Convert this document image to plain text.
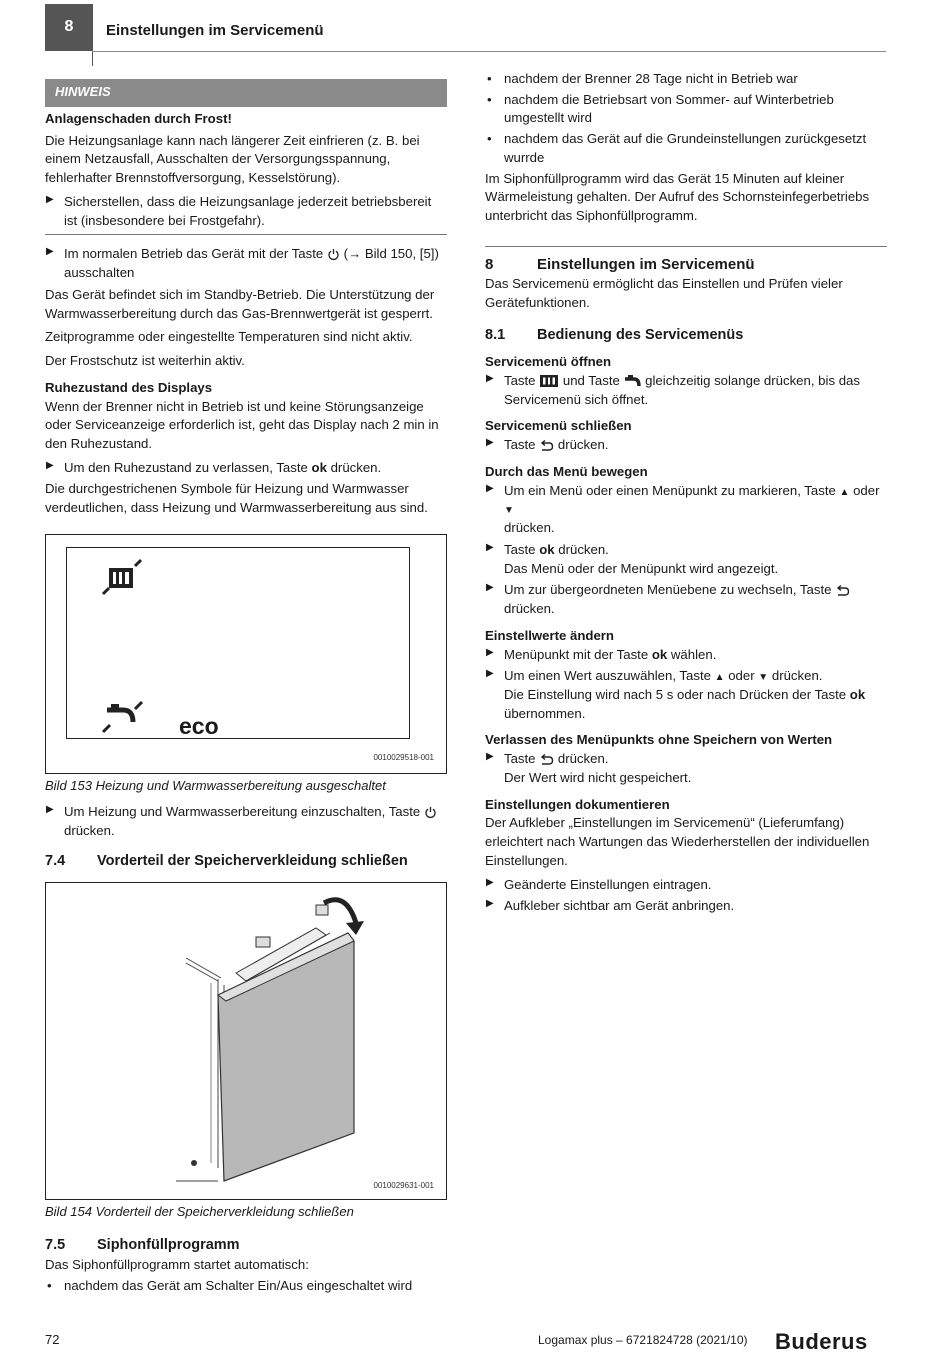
8 Einstellungen im Servicemenü
HINWEIS

Anlagenschaden durch Frost!

Die Heizungsanlage kann nach längerer Zeit einfrieren (z. B. bei einem Netzausfall, Ausschalten der Versorgungsspannung, fehlerhafter Brennstoffversorgung, Kesselstörung).

▶ Sicherstellen, dass die Heizungsanlage jederzeit betriebsbereit ist (insbesondere bei Frostgefahr).
▶ Im normalen Betrieb das Gerät mit der Taste (→ Bild 150, [5])
ausschalten

Das Gerät befindet sich im Standby-Betrieb. Die Unterstützung der Warmwasserbereitung durch das Gas-Brennwertgerät ist gesperrt.

Zeitprogramme oder eingestellte Temperaturen sind nicht aktiv.

Der Frostschutz ist weiterhin aktiv.

Ruhezustand des Displays

Wenn der Brenner nicht in Betrieb ist und keine Störungsanzeige oder Serviceanzeige erforderlich ist, geht das Display nach 2 min in den Ruhezustand.

▶ Um den Ruhezustand zu verlassen, Taste ok drücken.

Die durchgestrichenen Symbole für Heizung und Warmwasser verdeutlichen, dass Heizung und Warmwasserbereitung aus sind.

eco
0010029518-001

Bild 153 Heizung und Warmwasserbereitung ausgeschaltet

▶ Um Heizung und Warmwasserbereitung einzuschalten, Taste
drücken.
7.4	Vorderteil der Speicherverkleidung schließen
0010029631-001

Bild 154 Vorderteil der Speicherverkleidung schließen

7.5	Siphonfüllprogramm

Das Siphonfüllprogramm startet automatisch:

• nachdem das Gerät am Schalter Ein/Aus eingeschaltet wird
• nachdem der Brenner 28 Tage nicht in Betrieb war
• nachdem die Betriebsart von Sommer- auf Winterbetrieb umgestellt wird
• nachdem das Gerät auf die Grundeinstellungen zurückgesetzt wurrde

Im Siphonfüllprogramm wird das Gerät 15 Minuten auf kleiner Wärmeleistung gehalten. Der Aufruf des Schornsteinfegerbetriebs unterbricht das Siphonfüllprogramm.

8	Einstellungen im Servicemenü

Das Servicemenü ermöglicht das Einstellen und Prüfen vieler Gerätefunktionen.

8.1	Bedienung des Servicemenüs

Servicemenü öffnen

▶ Taste und Taste gleichzeitig solange drücken, bis das Servicemenü sich öffnet.

Servicemenü schließen

▶ Taste drücken.

Durch das Menü bewegen

▶ Um ein Menü oder einen Menüpunkt zu markieren, Taste ▲ oder ▼
drücken.
▶ Taste ok drücken.
Das Menü oder der Menüpunkt wird angezeigt.
▶ Um zur übergeordneten Menüebene zu wechseln, Taste  drücken.

Einstellwerte ändern

▶ Menüpunkt mit der Taste ok wählen.
▶ Um einen Wert auszuwählen, Taste ▲ oder ▼ drücken.
Die Einstellung wird nach 5 s oder nach Drücken der Taste ok übernommen.

Verlassen des Menüpunkts ohne Speichern von Werten

▶ Taste drücken.
Der Wert wird nicht gespeichert.

Einstellungen dokumentieren

Der Aufkleber „Einstellungen im Servicemenü“ (Lieferumfang) erleichtert nach Wartungen das Wiederherstellen der individuellen Einstellungen.

▶ Geänderte Einstellungen eintragen.
▶ Aufkleber sichtbar am Gerät anbringen.
72	Logamax plus – 6721824728 (2021/10) Buderus
